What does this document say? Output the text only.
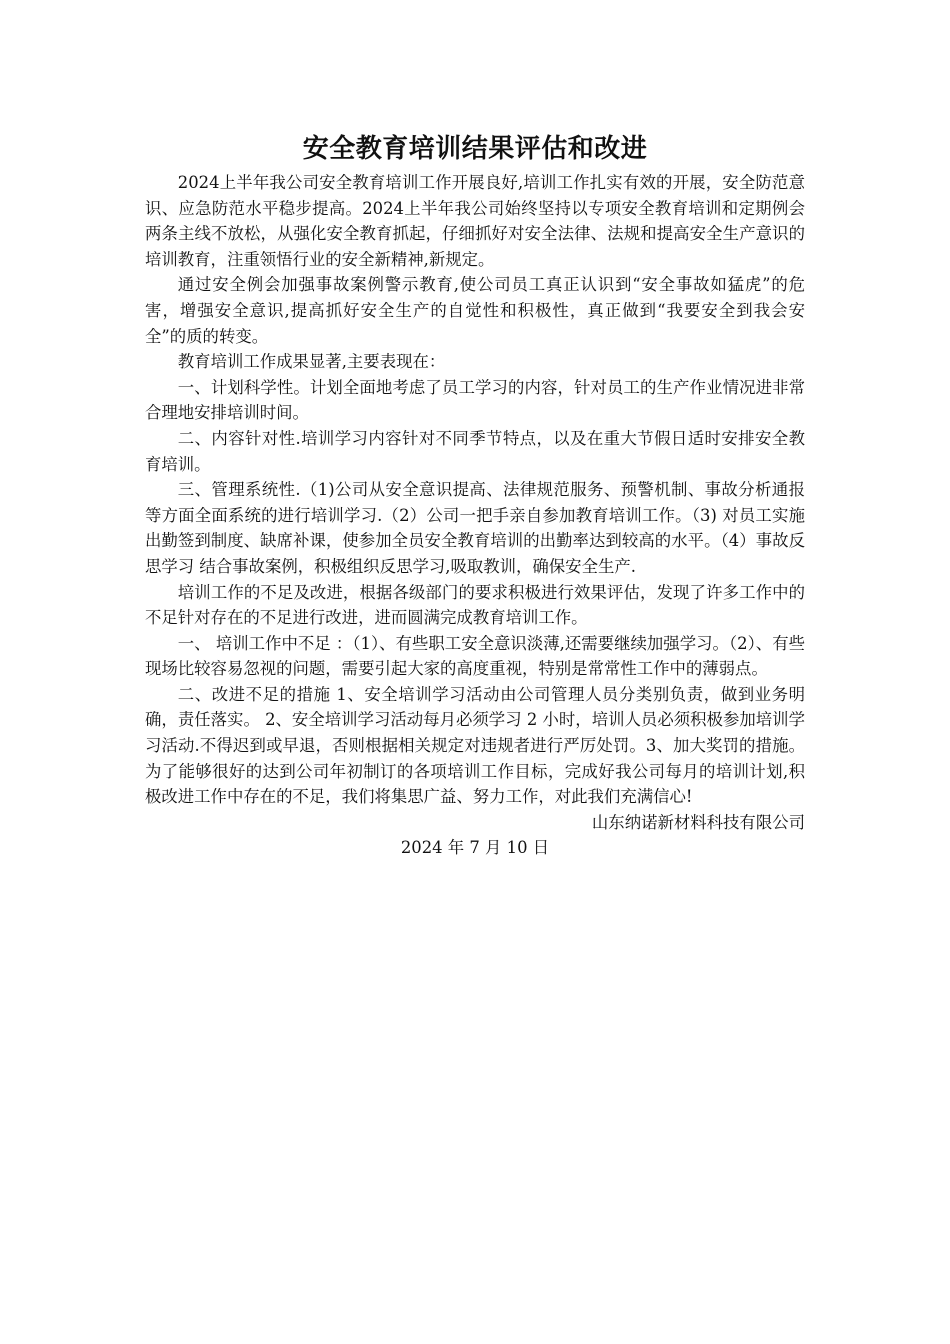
安全教育培训结果评估和改进

2024上半年我公司安全教育培训工作开展良好,培训工作扎实有效的开展，安全防范意识、应急防范水平稳步提高。2024上半年我公司始终坚持以专项安全教育培训和定期例会两条主线不放松，从强化安全教育抓起，仔细抓好对安全法律、法规和提高安全生产意识的培训教育，注重领悟行业的安全新精神,新规定。

通过安全例会加强事故案例警示教育,使公司员工真正认识到“安全事故如猛虎”的危害，增强安全意识,提高抓好安全生产的自觉性和积极性，真正做到“我要安全到我会安全”的质的转变。

教育培训工作成果显著,主要表现在：

一、计划科学性。计划全面地考虑了员工学习的内容，针对员工的生产作业情况进非常合理地安排培训时间。

二、内容针对性.培训学习内容针对不同季节特点，以及在重大节假日适时安排安全教育培训。

三、管理系统性.（1)公司从安全意识提高、法律规范服务、预警机制、事故分析通报等方面全面系统的进行培训学习.（2）公司一把手亲自参加教育培训工作。（3) 对员工实施出勤签到制度、缺席补课，使参加全员安全教育培训的出勤率达到较高的水平。（4）事故反思学习 结合事故案例，积极组织反思学习,吸取教训，确保安全生产.

培训工作的不足及改进，根据各级部门的要求积极进行效果评估，发现了许多工作中的不足针对存在的不足进行改进，进而圆满完成教育培训工作。

一、 培训工作中不足 ：（1）、有些职工安全意识淡薄,还需要继续加强学习。（2）、有些现场比较容易忽视的问题，需要引起大家的高度重视，特别是常常性工作中的薄弱点。

二、改进不足的措施 1、安全培训学习活动由公司管理人员分类别负责，做到业务明确，责任落实。 2、安全培训学习活动每月必须学习 2 小时，培训人员必须积极参加培训学习活动.不得迟到或早退，否则根据相关规定对违规者进行严厉处罚。3、加大奖罚的措施。 为了能够很好的达到公司年初制订的各项培训工作目标，完成好我公司每月的培训计划,积极改进工作中存在的不足，我们将集思广益、努力工作，对此我们充满信心!

山东纳诺新材料科技有限公司

2024 年 7 月 10 日
